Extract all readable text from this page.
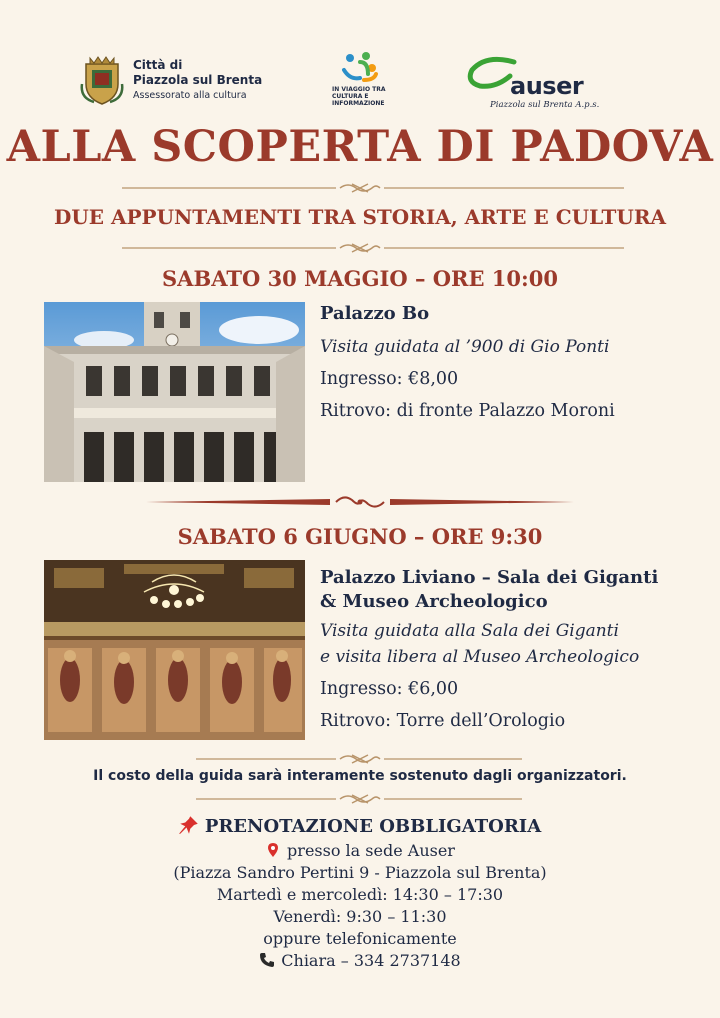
Città di
Piazzola sul Brenta
Assessorato alla cultura
IN VIAGGIO TRA
CULTURA E
INFORMAZIONE
auser
Piazzola sul Brenta A.p.s.
ALLA SCOPERTA DI PADOVA
DUE APPUNTAMENTI TRA STORIA, ARTE E CULTURA
SABATO 30 MAGGIO – ORE 10:00
Palazzo Bo
Visita guidata al ’900 di Gio Ponti
Ingresso: €8,00
Ritrovo: di fronte Palazzo Moroni
SABATO 6 GIUGNO – ORE 9:30
Palazzo Liviano – Sala dei Giganti
& Museo Archeologico
Visita guidata alla Sala dei Giganti
e visita libera al Museo Archeologico
Ingresso: €6,00
Ritrovo: Torre dell’Orologio
Il costo della guida sarà interamente sostenuto dagli organizzatori.
PRENOTAZIONE OBBLIGATORIA
presso la sede Auser
(Piazza Sandro Pertini 9 - Piazzola sul Brenta)
Martedì e mercoledì: 14:30 – 17:30
Venerdì: 9:30 – 11:30
oppure telefonicamente
Chiara – 334 2737148
